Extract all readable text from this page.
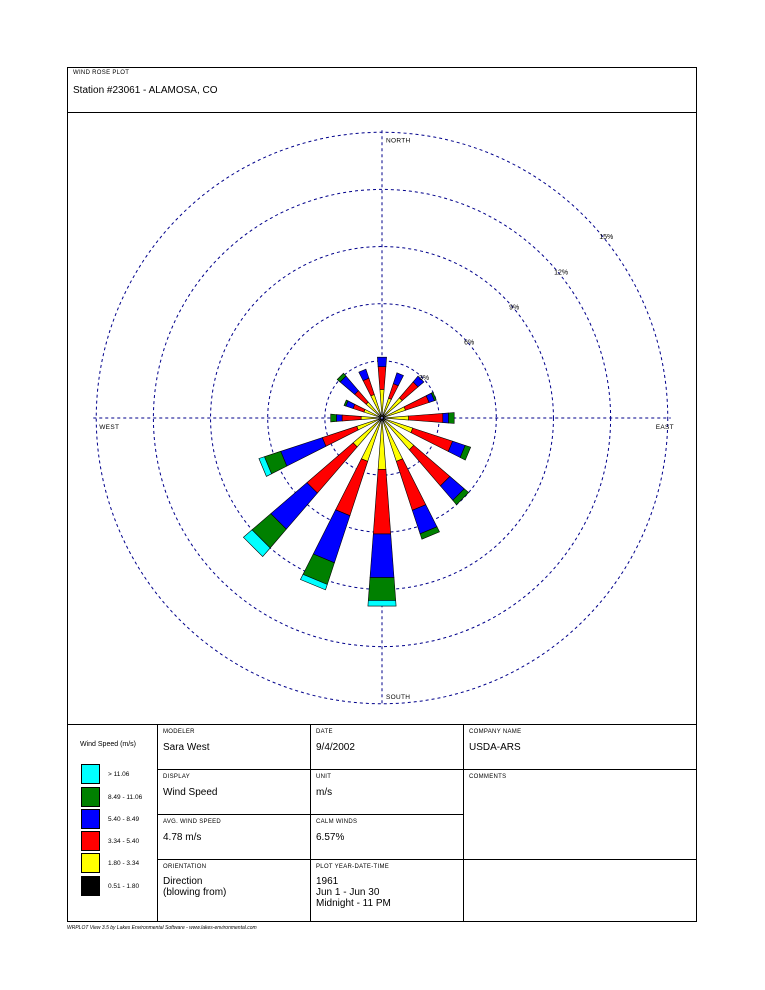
WIND ROSE PLOT
Station #23061 - ALAMOSA, CO
3%
6%
9%
12%
15%
NORTH
SOUTH
EAST
WEST
Wind Speed (m/s)
> 11.06
8.49 - 11.06
5.40 - 8.49
3.34 - 5.40
1.80 - 3.34
0.51 - 1.80
MODELER
Sara West
DATE
9/4/2002
COMPANY NAME
USDA-ARS
DISPLAY
Wind Speed
UNIT
m/s
COMMENTS
AVG. WIND SPEED
4.78 m/s
CALM WINDS
6.57%
ORIENTATION
Direction
(blowing from)
PLOT YEAR-DATE-TIME
1961
Jun 1 - Jun 30
Midnight - 11 PM
WRPLOT View 3.5 by Lakes Environmental Software - www.lakes-environmental.com
